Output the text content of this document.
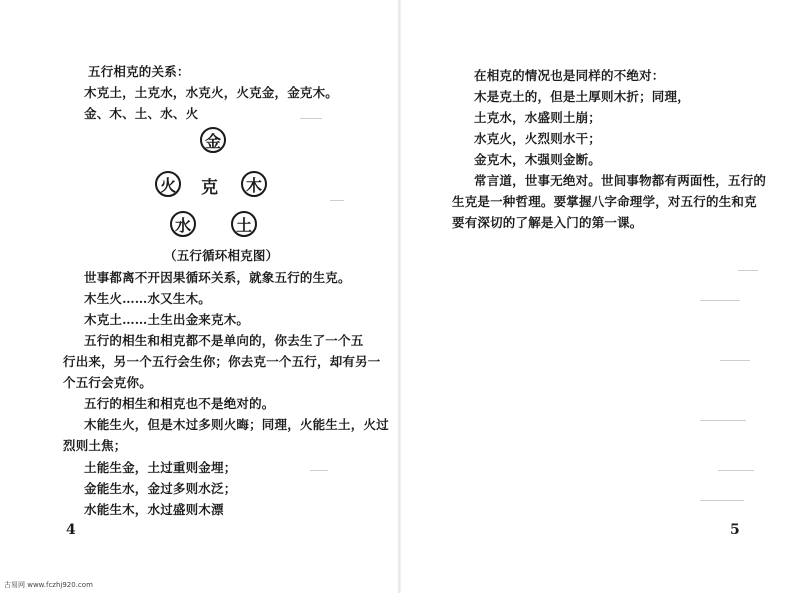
五行相克的关系：
木克土，土克水，水克火，火克金，金克木。
金、木、土、水、火
金
火 克	木
水	土
（五行循环相克图）
世事都离不开因果循环关系，就象五行的生克。
木生火……水又生木。
木克土……土生出金来克木。
五行的相生和相克都不是单向的，你去生了一个五
行出来，另一个五行会生你；你去克一个五行，却有另一
个五行会克你。
五行的相生和相克也不是绝对的。
木能生火，但是木过多则火晦；同理，火能生土，火过
烈则土焦；
土能生金，土过重则金埋；
金能生水，金过多则水泛；
水能生木，水过盛则木漂
4
在相克的情况也是同样的不绝对：
木是克土的，但是土厚则木折；同理，
土克水，水盛则土崩；
水克火，火烈则水干；
金克木，木强则金断。
常言道，世事无绝对。世间事物都有两面性，五行的
生克是一种哲理。要掌握八字命理学，对五行的生和克
要有深切的了解是入门的第一课。
5
古易网 www.fczhj920.com
